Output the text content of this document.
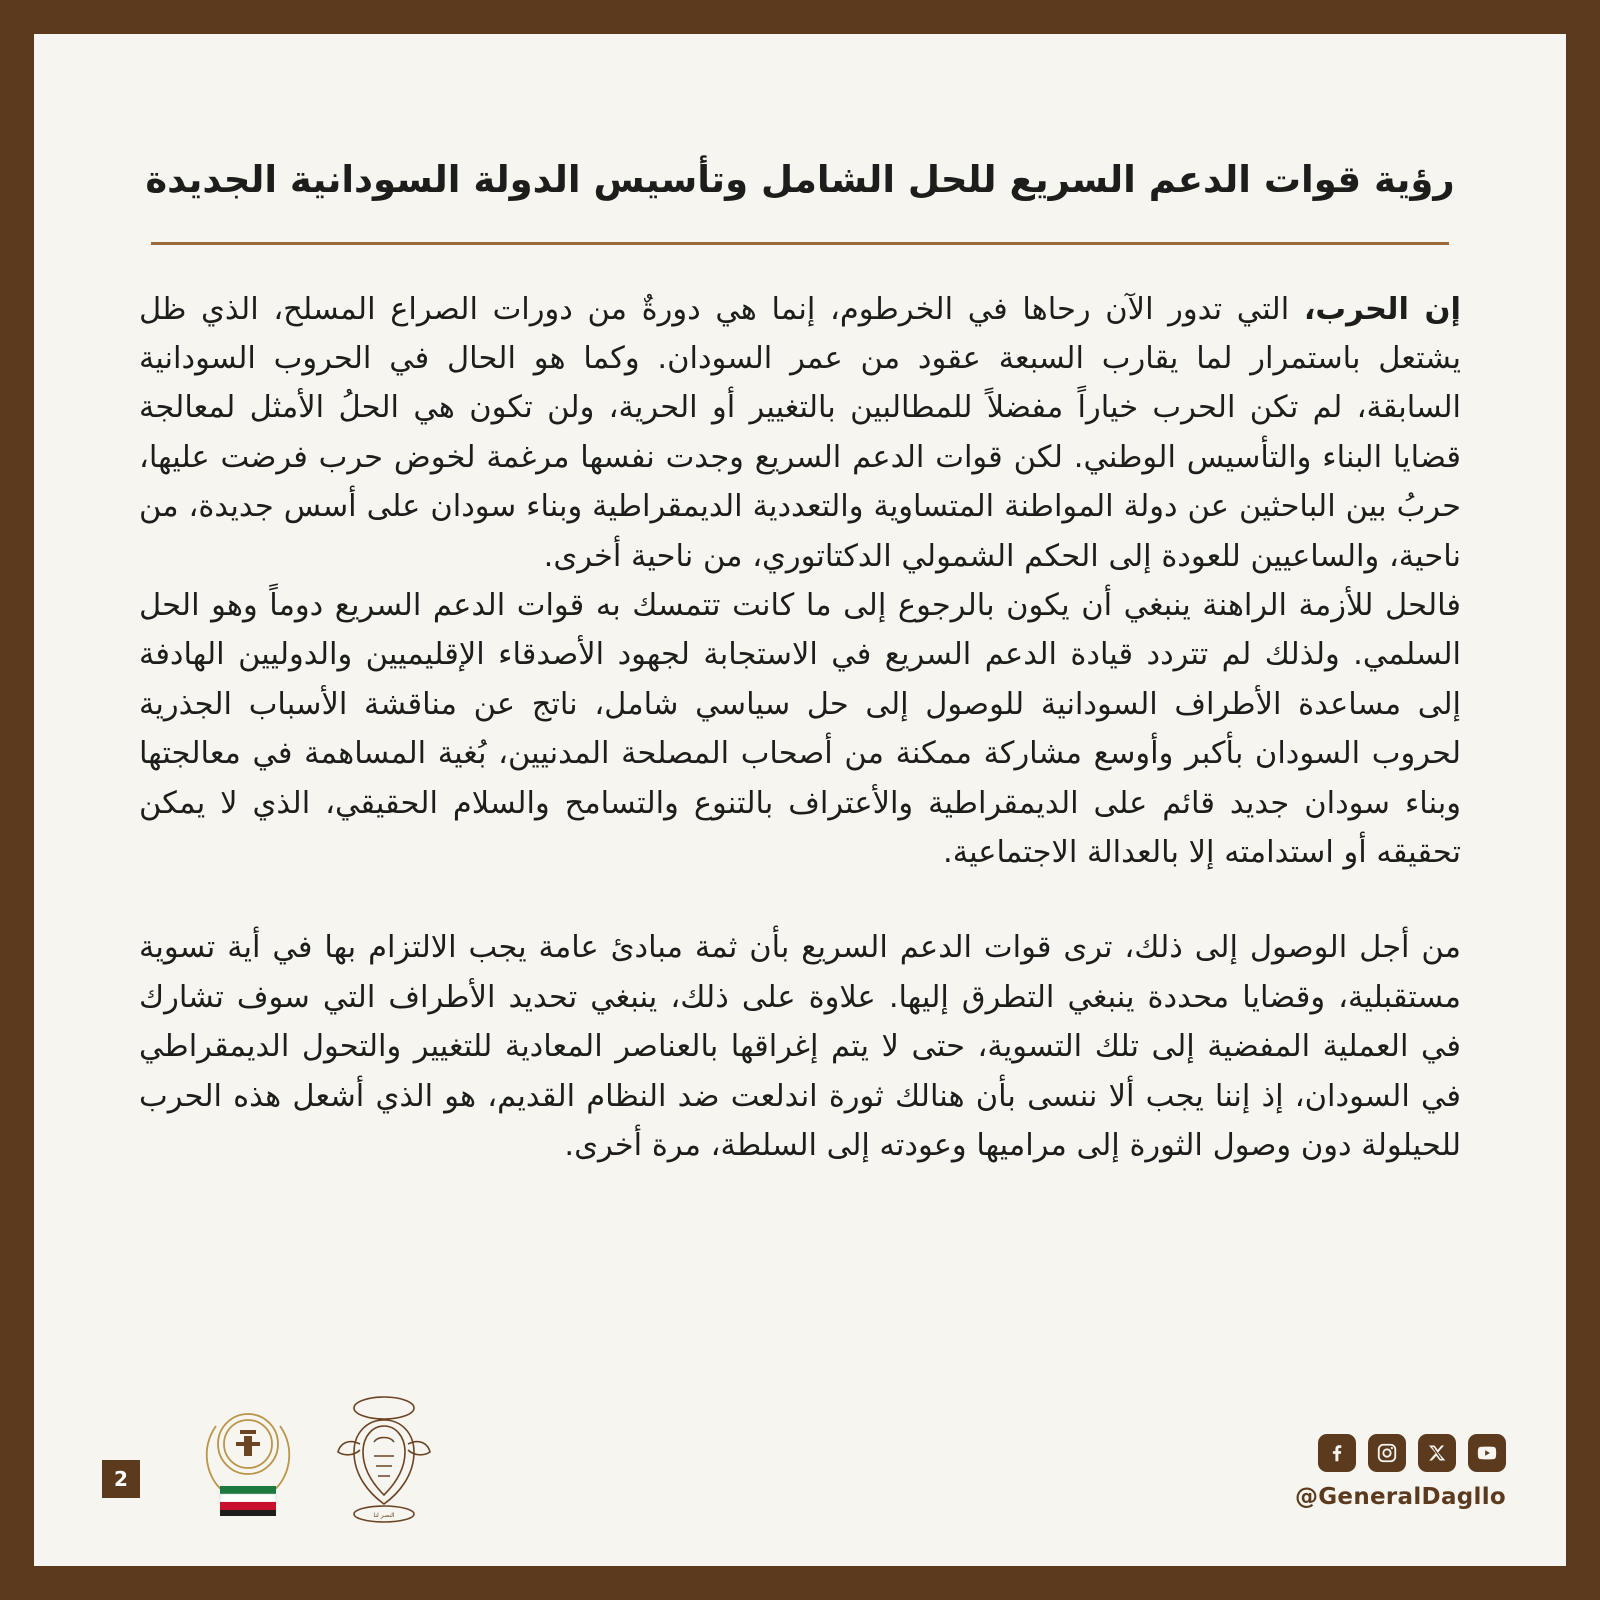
رؤية قوات الدعم السريع للحل الشامل وتأسيس الدولة السودانية الجديدة

إن الحرب، التي تدور الآن رحاها في الخرطوم، إنما هي دورةٌ من دورات الصراع المسلح، الذي ظل يشتعل باستمرار لما يقارب السبعة عقود من عمر السودان. وكما هو الحال في الحروب السودانية السابقة، لم تكن الحرب خياراً مفضلاً للمطالبين بالتغيير أو الحرية، ولن تكون هي الحلُ الأمثل لمعالجة قضايا البناء والتأسيس الوطني. لكن قوات الدعم السريع وجدت نفسها مرغمة لخوض حرب فرضت عليها، حربُ بين الباحثين عن دولة المواطنة المتساوية والتعددية الديمقراطية وبناء سودان على أسس جديدة، من ناحية، والساعيين للعودة إلى الحكم الشمولي الدكتاتوري، من ناحية أخرى.

فالحل للأزمة الراهنة ينبغي أن يكون بالرجوع إلى ما كانت تتمسك به قوات الدعم السريع دوماً وهو الحل السلمي. ولذلك لم تتردد قيادة الدعم السريع في الاستجابة لجهود الأصدقاء الإقليميين والدوليين الهادفة إلى مساعدة الأطراف السودانية للوصول إلى حل سياسي شامل، ناتج عن مناقشة الأسباب الجذرية لحروب السودان بأكبر وأوسع مشاركة ممكنة من أصحاب المصلحة المدنيين، بُغية المساهمة في معالجتها وبناء سودان جديد قائم على الديمقراطية والأعتراف بالتنوع والتسامح والسلام الحقيقي، الذي لا يمكن تحقيقه أو استدامته إلا بالعدالة الاجتماعية.

من أجل الوصول إلى ذلك، ترى قوات الدعم السريع بأن ثمة مبادئ عامة يجب الالتزام بها في أية تسوية مستقبلية، وقضايا محددة ينبغي التطرق إليها. علاوة على ذلك، ينبغي تحديد الأطراف التي سوف تشارك في العملية المفضية إلى تلك التسوية، حتى لا يتم إغراقها بالعناصر المعادية للتغيير والتحول الديمقراطي في السودان، إذ إننا يجب ألا ننسى بأن هنالك ثورة اندلعت ضد النظام القديم، هو الذي أشعل هذه الحرب للحيلولة دون وصول الثورة إلى مراميها وعودته إلى السلطة، مرة أخرى.

2
النصر لنا
@GeneralDagllo
